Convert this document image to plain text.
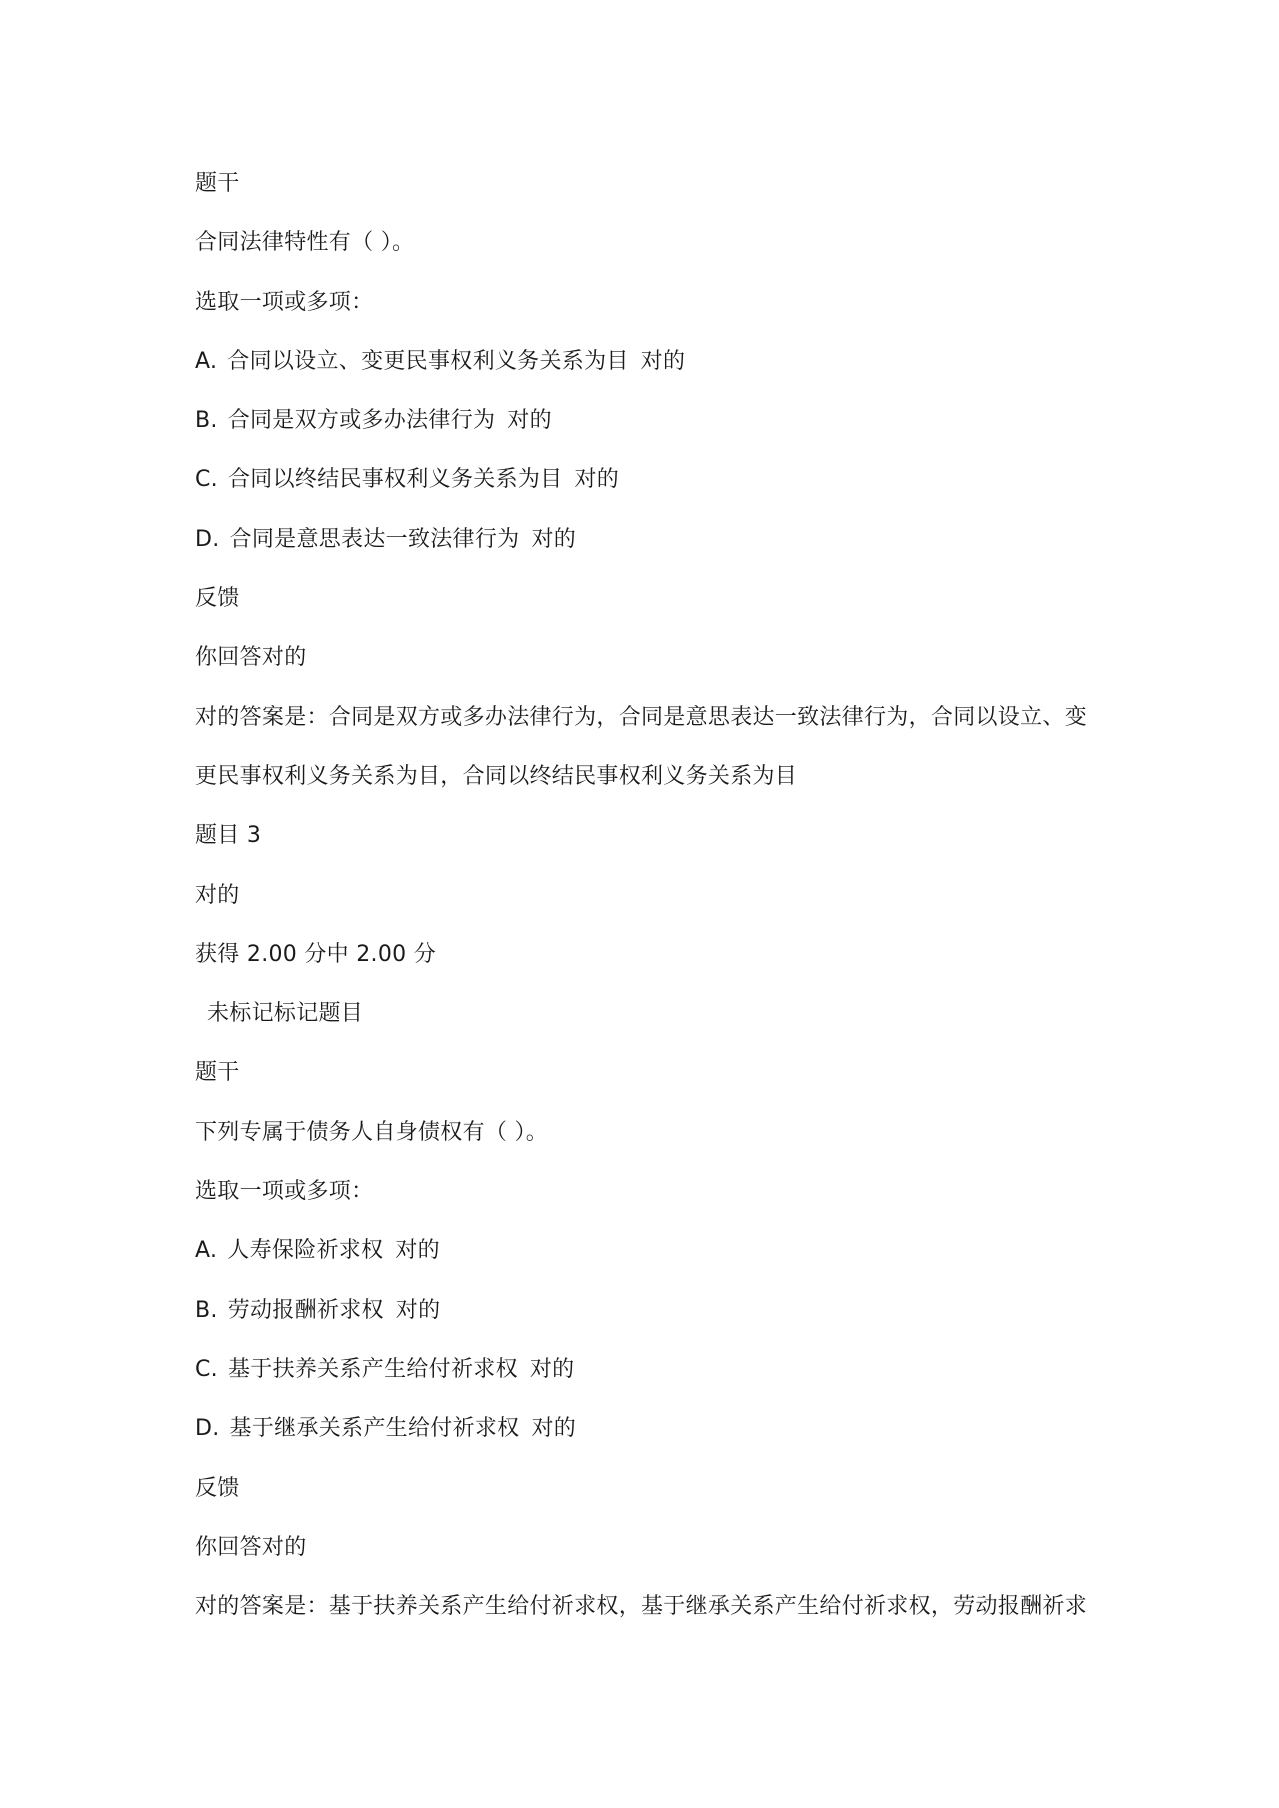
题干
合同法律特性有（ ）。
选取一项或多项：
A. 合同以设立、变更民事权利义务关系为目 对的
B. 合同是双方或多办法律行为 对的
C. 合同以终结民事权利义务关系为目 对的
D. 合同是意思表达一致法律行为 对的
反馈
你回答对的
对的答案是：合同是双方或多办法律行为，合同是意思表达一致法律行为，合同以设立、变
更民事权利义务关系为目，合同以终结民事权利义务关系为目
题目 3
对的
获得 2.00 分中 2.00 分
未标记标记题目
题干
下列专属于债务人自身债权有（ ）。
选取一项或多项：
A. 人寿保险祈求权 对的
B. 劳动报酬祈求权 对的
C. 基于扶养关系产生给付祈求权 对的
D. 基于继承关系产生给付祈求权 对的
反馈
你回答对的
对的答案是：基于扶养关系产生给付祈求权，基于继承关系产生给付祈求权，劳动报酬祈求
